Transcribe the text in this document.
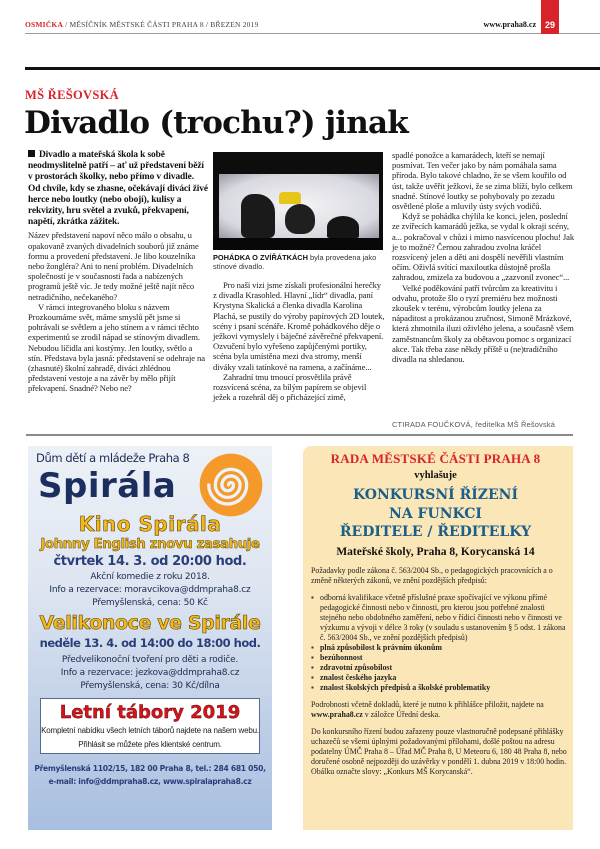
OSMIČKA / MĚSÍČNÍK MĚSTSKÉ ČÁSTI PRAHA 8 / BŘEZEN 2019	www.praha8.cz 29
MŠ ŘEŠOVSKÁ
Divadlo (trochu?) jinak

Divadlo a mateřská škola k sobě neodmyslitelně patří – ať už představení běží v prostorách školky, nebo přímo v divadle. Od chvíle, kdy se zhasne, očekávají diváci živé herce nebo loutky (nebo obojí), kulisy a rekvizity, hru světel a zvuků, překvapení, napětí, zkrátka zážitek.

Název představení napoví něco málo o obsahu, u opakovaně zvaných divadelních souborů již známe formu a provedení představení. Je libo kouzelníka nebo žongléra? Ani to není problém. Divadelních společností je v současnosti řada a nabízených programů ještě víc. Je tedy možné ještě najít něco netradičního, nečekaného?

V rámci integrovaného bloku s názvem Prozkoumáme svět, máme smyslů pět jsme si pohrávali se světlem a jeho stínem a v rámci těchto experimentů se zrodil nápad se stínovým divadlem. Nebudou líčidla ani kostýmy. Jen loutky, světlo a stín. Představa byla jasná: představení se odehraje na (zhasnuté) školní zahradě, diváci zhlédnou představení vestoje a na závěr by mělo přijít překvapení. Snadné? Nebo ne?

POHÁDKA O ZVÍŘÁTKÁCH byla provedena jako stínové divadlo.

Pro naši vizi jsme získali profesionální herečky z divadla Krasohled. Hlavní „lídr“ divadla, paní Krystyna Skalická a členka divadla Karolina Plachá, se pustily do výroby papírových 2D loutek, scény i psaní scénáře. Kromě pohádkového děje o ježkovi vymyslely i báječné závěrečné překvapení. Ozvučení bylo vyřešeno zapůjčenými portiky, scéna byla umístěna mezi dva stromy, menší diváky vzali tatínkové na ramena, a začínáme...

Zahradní tmu tmoucí prosvětlila právě rozsvícená scéna, za bílým papírem se objevil ježek a rozehrál děj o přicházející zimě,

spadlé ponožce a kamarádech, kteří se nemají posmívat. Ten večer jako by nám pomáhala sama příroda. Bylo takové chladno, že se všem kouřilo od úst, takže uvěřit ježkovi, že se zima blíží, bylo celkem snadné. Stínové loutky se pohybovaly po zezadu osvětlené ploše a mluvily ústy svých vodičů.

Když se pohádka chýlila ke konci, jelen, poslední ze zvířecích kamarádů ježka, se vydal k okraji scény, a... pokračoval v chůzi i mimo nasvícenou plochu! Jak je to možné? Černou zahradou zvolna kráčel rozsvícený jelen a děti ani dospělí nevěřili vlastním očím. Oživlá svítící maxiloutka důstojně prošla zahradou, zmizela za budovou a „zazvonil zvonec“...

Velké poděkování patří tvůrcům za kreativitu i odvahu, protože šlo o ryzí premiéru bez možnosti zkoušek v terénu, výrobcům loutky jelena za nápaditost a prokázanou zručnost, Simoně Mrázkové, která zhmotnila iluzi oživlého jelena, a současně všem zaměstnancům školy za obětavou pomoc s organizací akce. Tak třeba zase někdy příště u (ne)tradičního divadla na shledanou.

CTIRADA FOUČKOVÁ, ředitelka MŠ Řešovská
Dům dětí a mládeže Praha 8
Spirála
Kino Spirála
Johnny English znovu zasahuje
čtvrtek 14. 3. od 20:00 hod.
Akční komedie z roku 2018.
Info a rezervace: moravcikova@ddmpraha8.cz
Přemyšlenská, cena: 50 Kč
Velikonoce ve Spirále
neděle 13. 4. od 14:00 do 18:00 hod.
Předvelikonoční tvoření pro děti a rodiče.
Info a rezervace: jezkova@ddmpraha8.cz
Přemyšlenská, cena: 30 Kč/dílna
Letní tábory 2019
Kompletní nabídku všech letních táborů najdete na našem webu.
Přihlásit se můžete přes klientské centrum.
Přemyšlenská 1102/15, 182 00 Praha 8, tel.: 284 681 050,
e-mail: info@ddmpraha8.cz, www.spiralapraha8.cz
RADA MĚSTSKÉ ČÁSTI PRAHA 8
vyhlašuje
KONKURSNÍ ŘÍZENÍ
NA FUNKCI
ŘEDITELE / ŘEDITELKY
Mateřské školy, Praha 8, Korycanská 14

Požadavky podle zákona č. 563/2004 Sb., o pedagogických pracovnících a o změně některých zákonů, ve znění pozdějších předpisů:

▪ odborná kvalifikace včetně příslušné praxe spočívající ve výkonu přímé pedagogické činnosti nebo v činnosti, pro kterou jsou potřebné znalosti stejného nebo obdobného zaměření, nebo v řídicí činnosti nebo v činnosti ve výzkumu a vývoji v délce 3 roky (v souladu s ustanovením § 5 odst. 1 zákona č. 563/2004 Sb., ve znění pozdějších předpisů)
▪ plná způsobilost k právním úkonům
▪ bezúhonnost
▪ zdravotní způsobilost
▪ znalost českého jazyka
▪ znalost školských předpisů a školské problematiky

Podrobnosti včetně dokladů, které je nutno k přihlášce přiložit, najdete na www.praha8.cz v záložce Úřední deska.

Do konkursního řízení budou zařazeny pouze vlastnoručně podepsané přihlášky uchazečů se všemi úplnými požadovanými přílohami, došlé poštou na adresu podatelny ÚMČ Praha 8 – Úřad MČ Praha 8, U Meteoru 6, 180 48 Praha 8, nebo doručené osobně nejpozději do uzávěrky v pondělí 1. dubna 2019 v 18:00 hodin. Obálku označte slovy: „Konkurs MŠ Korycanská“.
